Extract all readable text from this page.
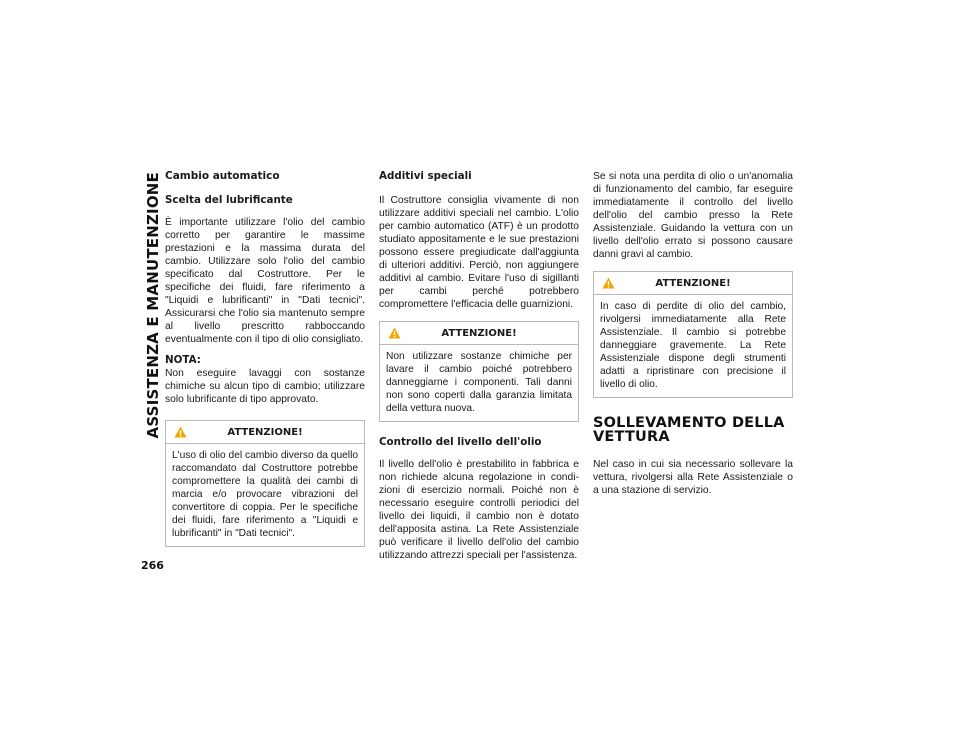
ASSISTENZA E MANUTENZIONE
266
Cambio automatico
Scelta del lubrificante

È importante utilizzare l'olio del cambio corretto per garantire le massime prestazioni e la massima durata del cambio. Utilizzare solo l'olio del cambio specificato dal Costruttore. Per le specifiche dei fluidi, fare riferimento a "Liquidi e lubrificanti" in "Dati tecnici". Assicurarsi che l'olio sia mantenuto sempre al livello prescritto rabboccando eventualmente con il tipo di olio consigliato.

NOTA:

Non eseguire lavaggi con sostanze chimiche su alcun tipo di cambio; utilizzare solo lubrificante di tipo approvato.

ATTENZIONE!
L'uso di olio del cambio diverso da quello raccomandato dal Costruttore potrebbe compromettere la qualità dei cambi di marcia e/o provocare vibrazioni del convertitore di coppia. Per le specifiche dei fluidi, fare riferimento a "Liquidi e lubrificanti" in "Dati tecnici".
Additivi speciali

Il Costruttore consiglia vivamente di non utilizzare additivi speciali nel cambio. L'olio per cambio automatico (ATF) è un prodotto studiato appositamente e le sue prestazioni possono essere pregiudicate dall'aggiunta di ulteriori additivi. Perciò, non aggiungere additivi al cambio. Evitare l'uso di sigillanti per cambi perché potrebbero compromettere l'efficacia delle guarnizioni.

ATTENZIONE!
Non utilizzare sostanze chimiche per lavare il cambio poiché potrebbero danneggiarne i componenti. Tali danni non sono coperti dalla garanzia limitata della vettura nuova.
Controllo del livello dell'olio

Il livello dell'olio è prestabilito in fabbrica e non richiede alcuna regolazione in condizioni di esercizio normali. Poiché non è necessario eseguire controlli periodici del livello dei liquidi, il cambio non è dotato dell'apposita astina. La Rete Assistenziale può verificare il livello dell'olio del cambio utilizzando attrezzi speciali per l'assistenza.

Se si nota una perdita di olio o un'anomalia di funzionamento del cambio, far eseguire immediatamente il controllo del livello dell'olio del cambio presso la Rete Assistenziale. Guidando la vettura con un livello dell'olio errato si possono causare danni gravi al cambio.

ATTENZIONE!
In caso di perdite di olio del cambio, rivolgersi immediatamente alla Rete Assistenziale. Il cambio si potrebbe danneggiare gravemente. La Rete Assistenziale dispone degli strumenti adatti a ripristinare con precisione il livello di olio.
SOLLEVAMENTO DELLA VETTURA

Nel caso in cui sia necessario sollevare la vettura, rivolgersi alla Rete Assistenziale o a una stazione di servizio.
